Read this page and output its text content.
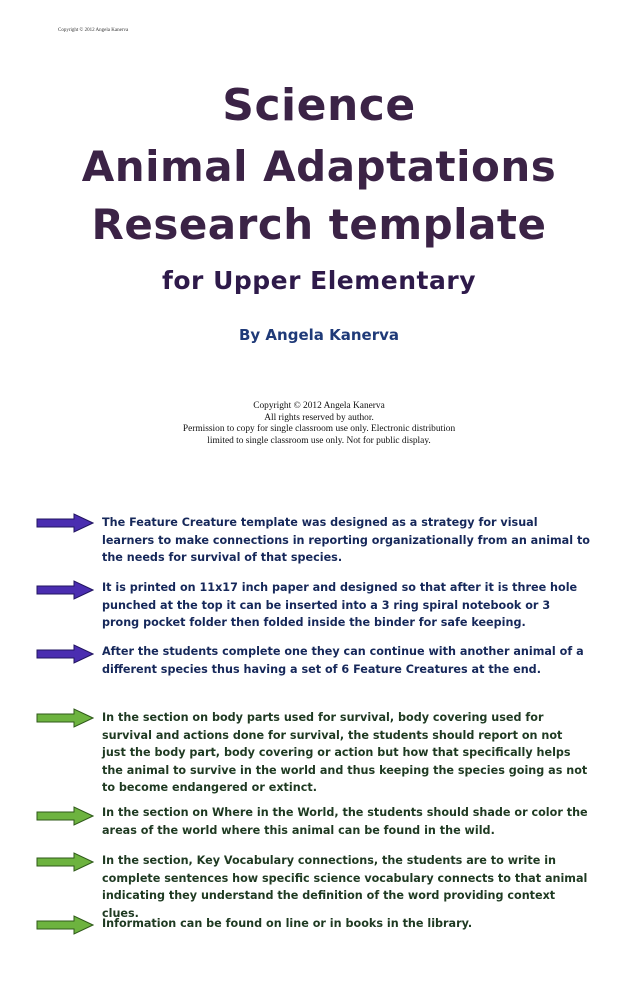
Copyright © 2012 Angela Kanerva
Science
Animal Adaptations
Research template
for Upper Elementary
By Angela Kanerva
Copyright © 2012 Angela Kanerva
All rights reserved by author.
Permission to copy for single classroom use only. Electronic distribution
limited to single classroom use only. Not for public display.
The Feature Creature template was designed as a strategy for visual learners to make connections in reporting organizationally from an animal to the needs for survival of that species.
It is printed on 11x17 inch paper and designed so that after it is three hole punched at the top it can be inserted into a 3 ring spiral notebook or 3 prong pocket folder then folded inside the binder for safe keeping.
After the students complete one they can continue with another animal of a different species thus having a set of 6 Feature Creatures at the end.
In the section on body parts used for survival, body covering used for survival and actions done for survival, the students should report on not just the body part, body covering or action but how that specifically helps the animal to survive in the world and thus keeping the species going as not to become endangered or extinct.
In the section on Where in the World, the students should shade or color the areas of the world where this animal can be found in the wild.
In the section, Key Vocabulary connections, the students are to write in complete sentences how specific science vocabulary connects to that animal indicating they understand the definition of the word providing context clues.
Information can be found on line or in books in the library.
